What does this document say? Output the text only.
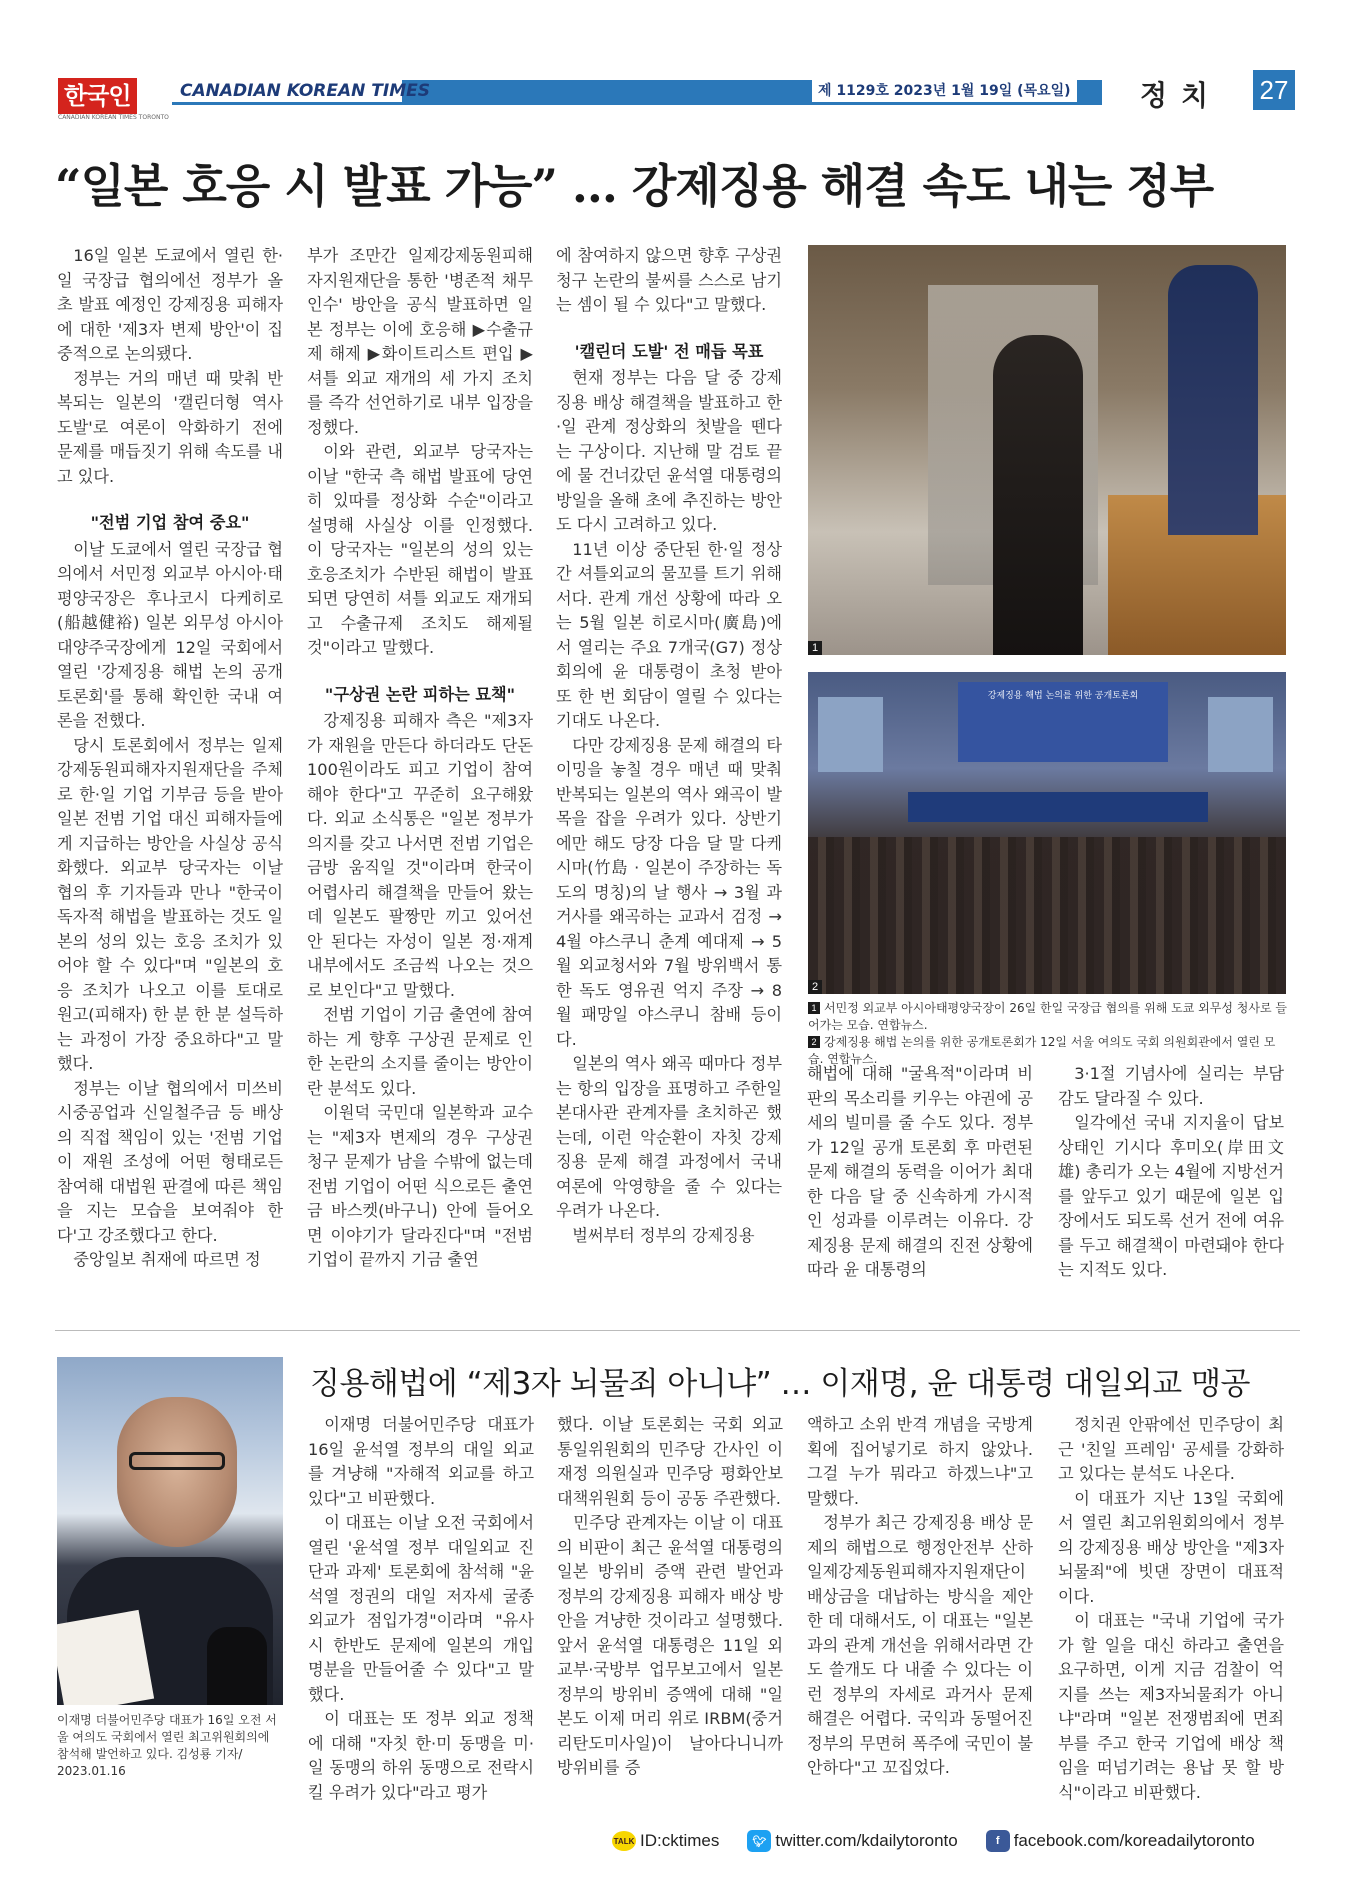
한국인
CANADIAN KOREAN TIMES TORONTO
CANADIAN KOREAN TIMES	제 1129호 2023년 1월 19일 (목요일) 정치 27
“일본 호응 시 발표 가능” … 강제징용 해결 속도 내는 정부

16일 일본 도쿄에서 열린 한·일 국장급 협의에선 정부가 올 초 발표 예정인 강제징용 피해자에 대한 '제3자 변제 방안'이 집중적으로 논의됐다.

정부는 거의 매년 때 맞춰 반복되는 일본의 '캘린더형 역사 도발'로 여론이 악화하기 전에 문제를 매듭짓기 위해 속도를 내고 있다.

"전범 기업 참여 중요"

이날 도쿄에서 열린 국장급 협의에서 서민정 외교부 아시아·태평양국장은 후나코시 다케히로(船越健裕) 일본 외무성 아시아대양주국장에게 12일 국회에서 열린 '강제징용 해법 논의 공개 토론회'를 통해 확인한 국내 여론을 전했다.

당시 토론회에서 정부는 일제강제동원피해자지원재단을 주체로 한·일 기업 기부금 등을 받아 일본 전범 기업 대신 피해자들에게 지급하는 방안을 사실상 공식화했다. 외교부 당국자는 이날 협의 후 기자들과 만나 "한국이 독자적 해법을 발표하는 것도 일본의 성의 있는 호응 조치가 있어야 할 수 있다"며 "일본의 호응 조치가 나오고 이를 토대로 원고(피해자) 한 분 한 분 설득하는 과정이 가장 중요하다"고 말했다.

정부는 이날 협의에서 미쓰비시중공업과 신일철주금 등 배상의 직접 책임이 있는 '전범 기업이 재원 조성에 어떤 형태로든 참여해 대법원 판결에 따른 책임을 지는 모습을 보여줘야 한다'고 강조했다고 한다.

중앙일보 취재에 따르면 정

부가 조만간 일제강제동원피해자지원재단을 통한 '병존적 채무인수' 방안을 공식 발표하면 일본 정부는 이에 호응해 ▶수출규제 해제 ▶화이트리스트 편입 ▶셔틀 외교 재개의 세 가지 조치를 즉각 선언하기로 내부 입장을 정했다.

이와 관련, 외교부 당국자는 이날 "한국 측 해법 발표에 당연히 있따를 정상화 수순"이라고 설명해 사실상 이를 인정했다. 이 당국자는 "일본의 성의 있는 호응조치가 수반된 해법이 발표되면 당연히 셔틀 외교도 재개되고 수출규제 조치도 해제될 것"이라고 말했다.

"구상권 논란 피하는 묘책"

강제징용 피해자 측은 "제3자가 재원을 만든다 하더라도 단돈 100원이라도 피고 기업이 참여해야 한다"고 꾸준히 요구해왔다. 외교 소식통은 "일본 정부가 의지를 갖고 나서면 전범 기업은 금방 움직일 것"이라며 한국이 어렵사리 해결책을 만들어 왔는데 일본도 팔짱만 끼고 있어선 안 된다는 자성이 일본 정·재계 내부에서도 조금씩 나오는 것으로 보인다"고 말했다.

전범 기업이 기금 출연에 참여하는 게 향후 구상권 문제로 인한 논란의 소지를 줄이는 방안이란 분석도 있다.

이원덕 국민대 일본학과 교수는 "제3자 변제의 경우 구상권 청구 문제가 남을 수밖에 없는데 전범 기업이 어떤 식으로든 출연금 바스켓(바구니) 안에 들어오면 이야기가 달라진다"며 "전범 기업이 끝까지 기금 출연

에 참여하지 않으면 향후 구상권 청구 논란의 불씨를 스스로 남기는 셈이 될 수 있다"고 말했다.

'캘린더 도발' 전 매듭 목표

현재 정부는 다음 달 중 강제징용 배상 해결책을 발표하고 한·일 관계 정상화의 첫발을 뗀다는 구상이다. 지난해 말 검토 끝에 물 건너갔던 윤석열 대통령의 방일을 올해 초에 추진하는 방안도 다시 고려하고 있다.

11년 이상 중단된 한·일 정상 간 셔틀외교의 물꼬를 트기 위해서다. 관계 개선 상황에 따라 오는 5월 일본 히로시마(廣島)에서 열리는 주요 7개국(G7) 정상회의에 윤 대통령이 초청 받아 또 한 번 회담이 열릴 수 있다는 기대도 나온다.

다만 강제징용 문제 해결의 타이밍을 놓칠 경우 매년 때 맞춰 반복되는 일본의 역사 왜곡이 발목을 잡을 우려가 있다. 상반기에만 해도 당장 다음 달 말 다케시마(竹島 · 일본이 주장하는 독도의 명칭)의 날 행사 → 3월 과거사를 왜곡하는 교과서 검정 → 4월 야스쿠니 춘계 예대제 → 5월 외교청서와 7월 방위백서 통한 독도 영유권 억지 주장 → 8월 패망일 야스쿠니 참배 등이다.

일본의 역사 왜곡 때마다 정부는 항의 입장을 표명하고 주한일본대사관 관계자를 초치하곤 했는데, 이런 악순환이 자칫 강제징용 문제 해결 과정에서 국내 여론에 악영향을 줄 수 있다는 우려가 나온다.

벌써부터 정부의 강제징용

1
강제징용 해법 논의를 위한 공개토론회
2
1 서민정 외교부 아시아태평양국장이 26일 한일 국장급 협의를 위해 도쿄 외무성 청사로 들어가는 모습. 연합뉴스.
2 강제징용 해법 논의를 위한 공개토론회가 12일 서울 여의도 국회 의원회관에서 열린 모습. 연합뉴스.

해법에 대해 "굴욕적"이라며 비판의 목소리를 키우는 야권에 공세의 빌미를 줄 수도 있다. 정부가 12일 공개 토론회 후 마련된 문제 해결의 동력을 이어가 최대한 다음 달 중 신속하게 가시적인 성과를 이루려는 이유다. 강제징용 문제 해결의 진전 상황에 따라 윤 대통령의

3·1절 기념사에 실리는 부담감도 달라질 수 있다.

일각에선 국내 지지율이 답보 상태인 기시다 후미오(岸田文雄) 총리가 오는 4월에 지방선거를 앞두고 있기 때문에 일본 입장에서도 되도록 선거 전에 여유를 두고 해결책이 마련돼야 한다는 지적도 있다.

이재명 더불어민주당 대표가 16일 오전 서울 여의도 국회에서 열린 최고위원회의에 참석해 발언하고 있다. 김성룡 기자/ 2023.01.16
징용해법에 “제3자 뇌물죄 아니냐” … 이재명, 윤 대통령 대일외교 맹공

이재명 더불어민주당 대표가 16일 윤석열 정부의 대일 외교를 겨냥해 "자해적 외교를 하고 있다"고 비판했다.

이 대표는 이날 오전 국회에서 열린 '윤석열 정부 대일외교 진단과 과제' 토론회에 참석해 "윤석열 정권의 대일 저자세 굴종 외교가 점입가경"이라며 "유사시 한반도 문제에 일본의 개입 명분을 만들어줄 수 있다"고 말했다.

이 대표는 또 정부 외교 정책에 대해 "자칫 한·미 동맹을 미·일 동맹의 하위 동맹으로 전락시킬 우려가 있다"라고 평가

했다. 이날 토론회는 국회 외교통일위원회의 민주당 간사인 이재정 의원실과 민주당 평화안보대책위원회 등이 공동 주관했다.

민주당 관계자는 이날 이 대표의 비판이 최근 윤석열 대통령의 일본 방위비 증액 관련 발언과 정부의 강제징용 피해자 배상 방안을 겨냥한 것이라고 설명했다. 앞서 윤석열 대통령은 11일 외교부·국방부 업무보고에서 일본 정부의 방위비 증액에 대해 "일본도 이제 머리 위로 IRBM(중거리탄도미사일)이 날아다니니까 방위비를 증

액하고 소위 반격 개념을 국방계획에 집어넣기로 하지 않았나. 그걸 누가 뭐라고 하겠느냐"고 말했다.

정부가 최근 강제징용 배상 문제의 해법으로 행정안전부 산하 일제강제동원피해자지원재단이 배상금을 대납하는 방식을 제안한 데 대해서도, 이 대표는 "일본과의 관계 개선을 위해서라면 간도 쓸개도 다 내줄 수 있다는 이런 정부의 자세로 과거사 문제 해결은 어렵다. 국익과 동떨어진 정부의 무면허 폭주에 국민이 불안하다"고 꼬집었다.

정치권 안팎에선 민주당이 최근 '친일 프레임' 공세를 강화하고 있다는 분석도 나온다.

이 대표가 지난 13일 국회에서 열린 최고위원회의에서 정부의 강제징용 배상 방안을 "제3자 뇌물죄"에 빗댄 장면이 대표적이다.

이 대표는 "국내 기업에 국가가 할 일을 대신 하라고 출연을 요구하면, 이게 지금 검찰이 억지를 쓰는 제3자뇌물죄가 아니냐"라며 "일본 전쟁범죄에 면죄부를 주고 한국 기업에 배상 책임을 떠넘기려는 용납 못 할 방식"이라고 비판했다.

TALK ID:cktimes	🐦︎ twitter.com/kdailytoronto	f facebook.com/koreadailytoronto
